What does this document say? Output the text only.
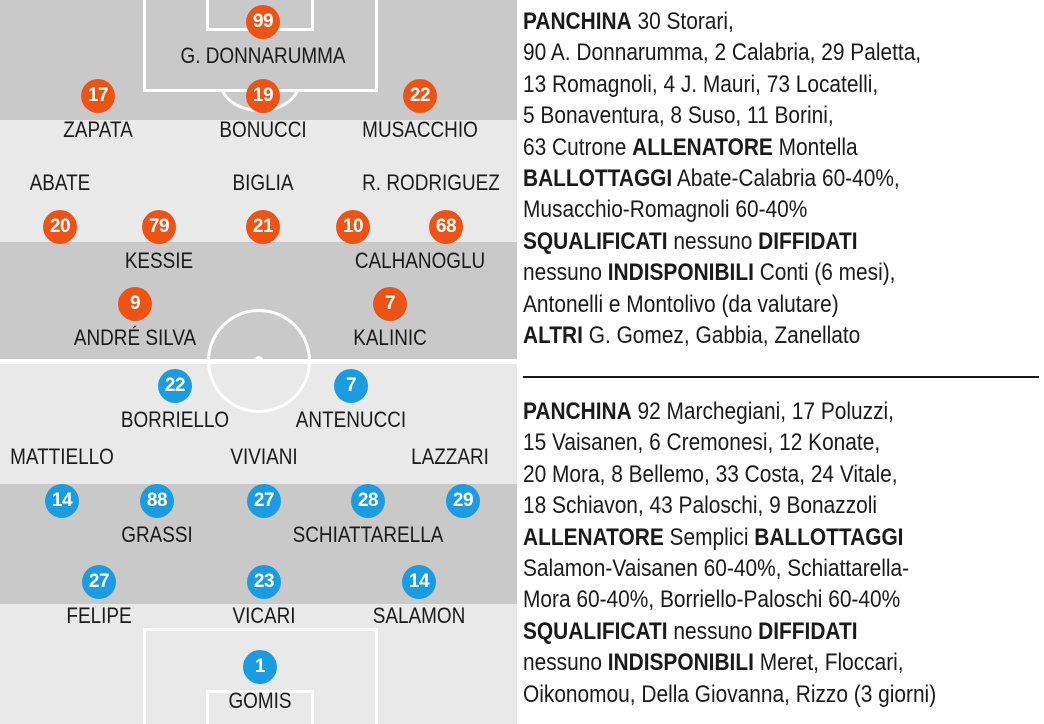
99
G. DONNARUMMA
17
ZAPATA
19
BONUCCI
22
MUSACCHIO
20
ABATE
79
KESSIE
21
BIGLIA
10
CALHANOGLU
68
R. RODRIGUEZ
9
ANDRÉ SILVA
7
KALINIC
22
BORRIELLO
7
ANTENUCCI
14
MATTIELLO
88
GRASSI
27
VIVIANI
28
SCHIATTARELLA
29
LAZZARI
27
FELIPE
23
VICARI
14
SALAMON
1
GOMIS
PANCHINA 30 Storari,
90 A. Donnarumma, 2 Calabria, 29 Paletta,
13 Romagnoli, 4 J. Mauri, 73 Locatelli,
5 Bonaventura, 8 Suso, 11 Borini,
63 Cutrone ALLENATORE Montella
BALLOTTAGGI Abate-Calabria 60-40%,
Musacchio-Romagnoli 60-40%
SQUALIFICATI nessuno DIFFIDATI
nessuno INDISPONIBILI Conti (6 mesi),
Antonelli e Montolivo (da valutare)
ALTRI G. Gomez, Gabbia, Zanellato
PANCHINA 92 Marchegiani, 17 Poluzzi,
15 Vaisanen, 6 Cremonesi, 12 Konate,
20 Mora, 8 Bellemo, 33 Costa, 24 Vitale,
18 Schiavon, 43 Paloschi, 9 Bonazzoli
ALLENATORE Semplici BALLOTTAGGI
Salamon-Vaisanen 60-40%, Schiattarella-
Mora 60-40%, Borriello-Paloschi 60-40%
SQUALIFICATI nessuno DIFFIDATI
nessuno INDISPONIBILI Meret, Floccari,
Oikonomou, Della Giovanna, Rizzo (3 giorni)
